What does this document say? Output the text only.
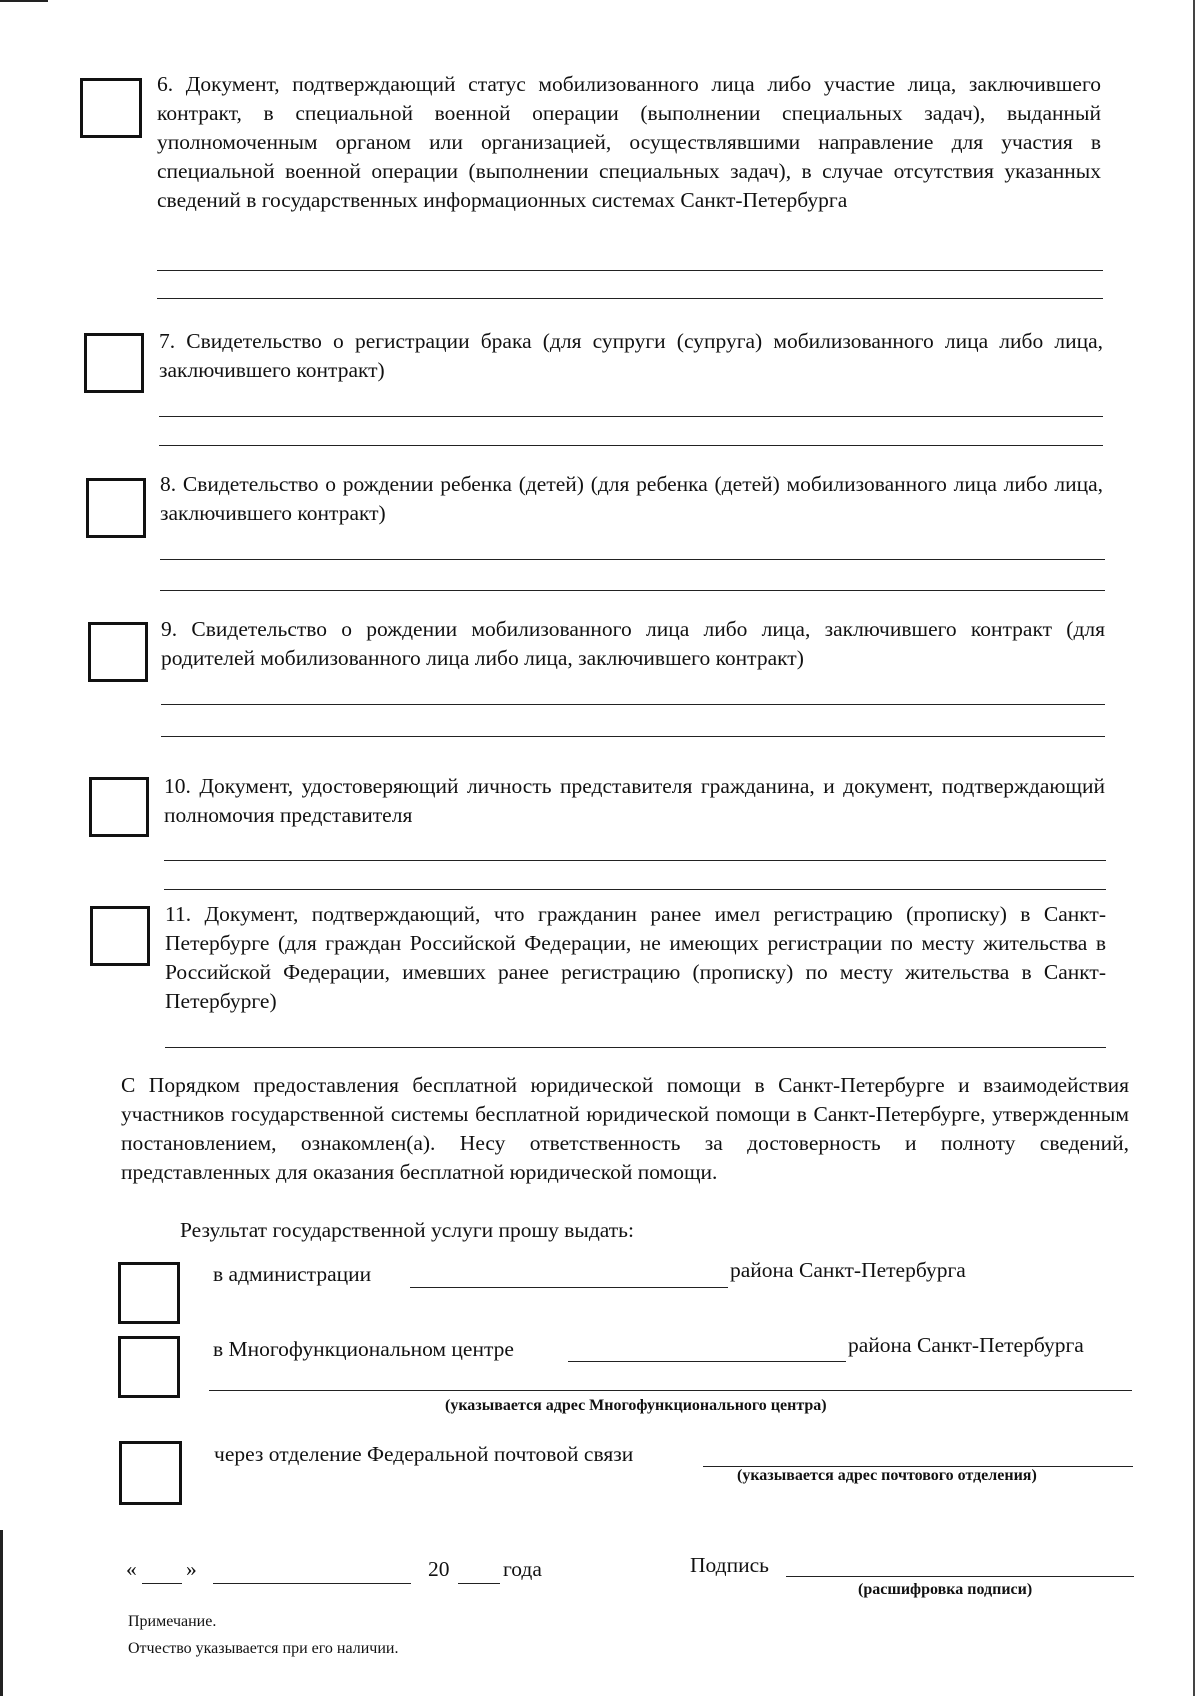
6. Документ, подтверждающий статус мобилизованного лица либо участие лица, заключившего контракт, в специальной военной операции (выполнении специальных задач), выданный уполномоченным органом или организацией, осуществлявшими направление для участия в специальной военной операции (выполнении специальных задач), в случае отсутствия указанных сведений в государственных информационных системах Санкт-Петербурга
7. Свидетельство о регистрации брака (для супруги (супруга) мобилизованного лица либо лица, заключившего контракт)
8. Свидетельство о рождении ребенка (детей) (для ребенка (детей) мобилизованного лица либо лица, заключившего контракт)
9. Свидетельство о рождении мобилизованного лица либо лица, заключившего контракт (для родителей мобилизованного лица либо лица, заключившего контракт)
10. Документ, удостоверяющий личность представителя гражданина, и документ, подтверждающий полномочия представителя
11. Документ, подтверждающий, что гражданин ранее имел регистрацию (прописку) в Санкт-Петербурге (для граждан Российской Федерации, не имеющих регистрации по месту жительства в Российской Федерации, имевших ранее регистрацию (прописку) по месту жительства в Санкт-Петербурге)
С Порядком предоставления бесплатной юридической помощи в Санкт-Петербурге и взаимодействия участников государственной системы бесплатной юридической помощи в Санкт-Петербурге, утвержденным постановлением, ознакомлен(а). Несу ответственность за достоверность и полноту сведений, представленных для оказания бесплатной юридической помощи.
Результат государственной услуги прошу выдать:
в администрации	района Санкт-Петербурга
в Многофункциональном центре	района Санкт-Петербурга
(указывается адрес Многофункционального центра)
через отделение Федеральной почтовой связи
(указывается адрес почтового отделения)
« »	20 года	Подпись
(расшифровка подписи)
Примечание.
Отчество указывается при его наличии.
